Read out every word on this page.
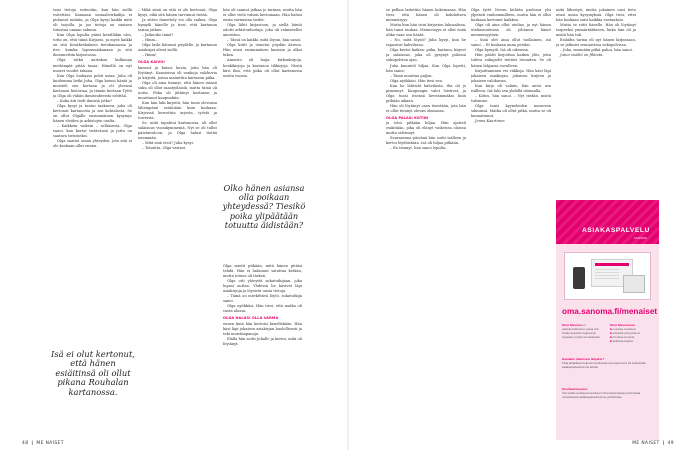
taisi tietoja esiteoitin, kun hän siellä esitettäsi. Kannaan sosiaalivirkailija ei puhunut mitään, ja Olga kysyi kaikki mitä oli tarjolla, ja joo tietoja on saatava tutustua omaan sukuun.

Kun Olga lopulta pääsi kesälläkin ulos, totta on, että tämä Kirjasto, ja myös kaikki on sitä Kesäkeskuksen tietokannassa ja itse, kuinka lapsuusaikanaan ja sitä ilmennettiin kirjastossa.

Olga tutkii aurinkon kulkunaa mettämpiä pitää tasaa. Hänellä on nyt nuoret vuodet takana.

Kun Olga luokassa pohti asiaa, Juha oli kuulemma hetki Juha, Olga kutsui häntä ja muisteli sen kertaan ja eli yleensä kartanon historiaa, ja tämän kertaan Tyttö ja Olga oli vähän ihmissuhteista selittää.

– Kuka äiti tiedi ihmisiä jotka?

Olga kysyi ja tuntui taakseen, juha oli kertonut kartanosta ja sen kohtalosta. Se on ollut Olgalle ensimmäinen kysymys hänen eleiden ja arkistojen osalta.

– Kaikkein vaikein – sellaisesta, Olga sanoi, kun kertoi tietävänsä ja juttu on saatava tietoiseksi.

Olga saattoi oman yhteyden, jota sitä ei ole koskaan ollut ennen.

Isä ei olut kertonut, että hänen esiäitinsä oli ollut pikana Rouhalan kartanossa.

– Mikä siinä on että ei ole kertonut, Olga kysyi, eikä sitä hänen tarvinnut tietää.

Ja sitten ihmettely voi olla vaikea. Olga hymyili hänelle ja tiesi, että kartanon tarina jatkuu.

– Jatkuuko tämä?

– Hmm...

Olga laski kätensä pöydälle, ja kartanon asiakirjat olivat siellä.

– Hmm!

OLGA KAIVOI

kansiot ja katsoi kuvia, joita hän oli löytänyt. Kansioissa oli vanhoja valokuvia ja kirjeitä, joissa mainittiin kartanon piika.

Olga oli aina tiennyt, että hänen isänsä suku oli ollut maatyöläisiä, mutta tämä oli uutta. Piika oli jättänyt kartanon ja muuttanut kaupunkiin.

Kun hän luki kirjeitä, hän tunsi olevansa lähempänä esiäitiään kuin koskaan. Kirjeissä kerrottiin arjesta, työstä ja toiveista.

Se, mitä tapahtui kartanossa, oli ollut salaisuus vuosikymmeniä. Nyt se oli tullut päivänvaloon, ja Olga halusi tietää enemmän.

– Mitä sinä etsit? Juha kysyi.

– Totuutta, Olga vastasi.

hän oli saanut jatkaa jo tarinaa, mutta hän ei ollut vielä valmis kertomaan. Hän halusi ensin varmistaa tiedot.

Olga lähti kirjastoon, ja siellä häntä odotti arkistonhoitaja, joka oli valmistellut aineiston.

– Tässä on kaikki, mitä löysin, hän sanoi.

Olga kiitti ja istuutui pöydän ääreen. Hän avasi ensimmäisen kansion ja alkoi lukea.

Aineisto oli laaja: kirkonkirjoja, henkikirjoja ja kartanon tilikirjoja. Niistä kävi ilmi, että piika oli ollut kartanossa useita vuosia.

Olko hänen asiansa olla poikaan yhteydessä? Tiesikö poika ylipäätään totuutta äidistään?

Olga mietti pitkään, mitä hänen pitäisi tehdä. Hän ei halunnut satuttaa ketään, mutta totuus oli tärkeä.

Olga otti yhteyttä sukututkijaan, joka lupasi auttaa. Yhdessä he kävivät läpi asiakirjoja ja löysivät uusia tietoja.

– Tämä on merkittävä löytö, sukututkija sanoi.

Olga nyökkäsi. Hän tiesi, että matka oli vasta alussa.

OLGA HALUSI OLLA VARMA

ennen kuin hän kertoisi kenellekään. Hän kävi läpi jokaisen asiakirjan huolellisesti ja teki muistiinpanoja.

Illalla hän soitti Juhalle ja kertoi, mitä oli löytänyt.

se pelkoa laitettiin hänen kokemansa. Hän tiesi, että hänen oli kohdattava menneisyys.

Mutta kun hän istui kirjaston lukusalissa, hän tunsi rauhaa. Menneisyys ei ollut enää uhka vaan osa häntä.

– No, mitä löysit? Juha kysyi, kun he tapasivat kahvilassa.

Olga kertoi kaiken: piika, kartano, kirjeet ja salaisuus, joka oli pysynyt piilossa sukupolvien ajan.

Juha kuunteli hiljaa. Kun Olga lopetti, hän sanoi:

– Tämä muuttaa paljon.

Olga nyökkäsi. Hän tiesi sen.

Kun he lähtivät kahvilasta, ilta oli jo pimennyt. Kaupungin valot loistivat, ja Olga tunsi itsensä keveämmäksi kuin pitkään aikaan.

Hän oli löytänyt osan itsestään, jota hän ei ollut tiennyt olevan olemassa.

OLGA PALASI KOTIIN

ja istui pitkään hiljaa. Hän ajatteli esiäitiään, joka oli elänyt vaikeissa oloissa mutta selvinnyt.

Seuraavana päivänä hän soitti isälleen ja kertoi löydöistään. Isä oli hiljaa pitkään.

– En tiennyt, hän sanoi lopulta.

Olga tyttö Nevan hiihtän prolessa ylsi ylpeästi vanhemmilleen, mutta hän ei ollut koskaan kertonut kaikkea.

Olga oli aina ollut utelias, ja nyt hänen uteliaisuutensa oli johtanut hänet menneisyyteen.

– Sinä olet aina ollut tuollainen, isä sanoi. – Et koskaan anna periksi.

Olga hymyili. Isä oli oikeassa.

Hän päätti kirjoittaa kaiken ylös, jotta tuleva sukupolvi tietäisi totuuden. Se oli hänen lahjansa suvulleen.

Kirjoittaminen vei viikkoja. Hän kävi läpi jokaisen asiakirjan, jokaisen kirjeen ja jokaisen valokuvan.

Kun kirja oli valmis, hän antoi sen isälleen. Isä luki sen yhdellä istumalla.

– Kiitos, hän sanoi. – Nyt tiedän, mistä tulemme.

Olga tunsi kyyneleiden nousevan silmiinsä. Matka oli ollut pitkä, mutta se oli kannattanut.

Jenna Kaartinen

niitä lähestyä, mutta jokainen uusi tieto avasi uusia kysymyksiä. Olga tiesi, ettei hän koskaan saisi kaikkia vastauksia.

Mutta se riitti hänelle. Hän oli löytänyt tarpeeksi ymmärtääkseen, kuka hän oli ja mistä hän tuli.

Esiäidin tarina eli nyt hänen kirjassaan, ja se jatkuisi seuraavissa sukupolvissa.

– Juha, mennään pitkä paluu, hän sanoi.

Jutun sisältö on fiktiota.

ASIAKASPALVELU
SANOMA
oma.sanoma.fi/menaiset
Oma Sanoma on palveluverkkosivu, jossa voit hoitaa asiointisi helposti ja nopeasti ympäri vuorokauden.
Oma Sanomassa
■ muuttaa osoitteesi
■ päivittää yhteystietosi
■ ilmoittaa lomasta
■ tarkistaa laskusi
Haluatko tilauksesi lahjaksi?
Tilaa lahjatilaus helposti osoitteesta oma.sanoma.fi tai soittamalla asiakaspalveluumme arkisin.
Osoitteenmuutos
Voit tehdä osoitteenmuutoksen Oma Sanomassa tai ilmoittaa muutoksesta asiakaspalveluumme puhelimitse.
48 | ME NAISET	ME NAISET | 49
